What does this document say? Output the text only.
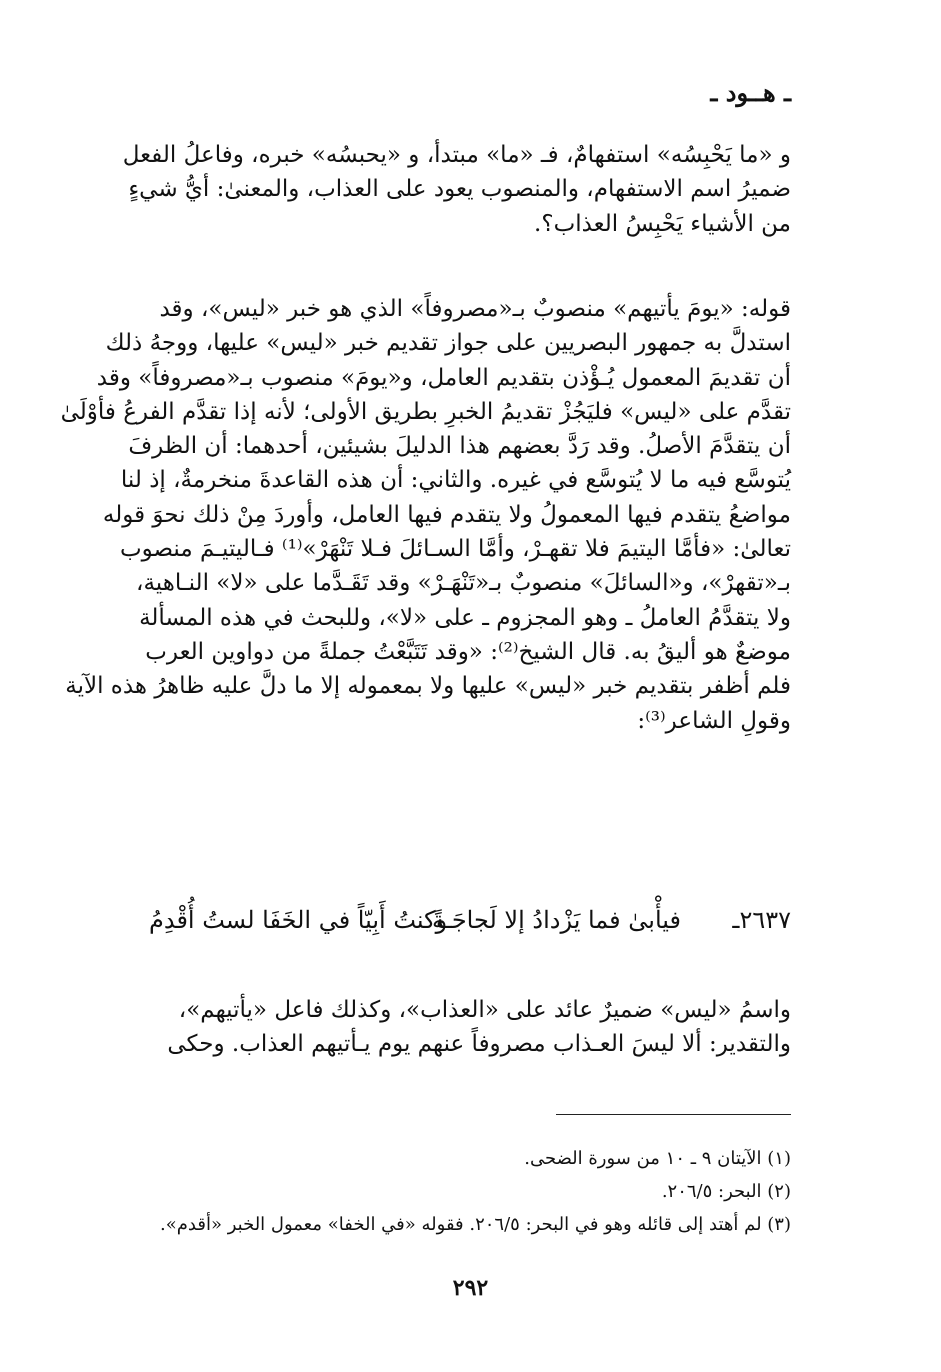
ـ هــود ـ
و «ما يَحْبِسُه» استفهامٌ، فـ «ما» مبتدأ، و «يحبسُه» خبره، وفاعلُ الفعل
ضميرُ اسم الاستفهام، والمنصوب يعود على العذاب، والمعنىٰ: أيُّ شيءٍ
من الأشياء يَحْبِسُ العذاب؟.
قوله: «يومَ يأتيهم» منصوبٌ بـ«مصروفاً» الذي هو خبر «ليس»، وقد
استدلَّ به جمهور البصريين على جواز تقديم خبر «ليس» عليها، ووجهُ ذلك
أن تقديمَ المعمول يُـؤْذن بتقديم العامل، و«يومَ» منصوب بـ«مصروفاً» وقد
تقدَّم على «ليس» فليَجُزْ تقديمُ الخبرِ بطريق الأولى؛ لأنه إذا تقدَّم الفرعُ فأوْلَىٰ
أن يتقدَّمَ الأصلُ. وقد رَدَّ بعضهم هذا الدليلَ بشيئين، أحدهما: أن الظرفَ
يُتوسَّع فيه ما لا يُتوسَّع في غيره. والثاني: أن هذه القاعدةَ منخرمةٌ، إذ لنا
مواضعُ يتقدم فيها المعمولُ ولا يتقدم فيها العامل، وأوردَ مِنْ ذلك نحوَ قوله
تعالىٰ: «فأمَّا اليتيمَ فلا تقهـرْ، وأمَّا السـائلَ فـلا تَنْهَرْ»⁽¹⁾ فـاليتيـمَ منصوب
بـ«تقهرْ»، و«السائلَ» منصوبٌ بـ«تَنْهَـرْ» وقد تَقَـدَّما على «لا» النـاهية،
ولا يتقدَّمُ العاملُ ـ وهو المجزوم ـ على «لا»، وللبحث في هذه المسألة
موضعٌ هو أليقُ به. قال الشيخ⁽²⁾: «وقد تَتَبَّعْتُ جملةً من دواوين العرب
فلم أظفر بتقديم خبر «ليس» عليها ولا بمعموله إلا ما دلَّ عليه ظاهرُ هذه الآية
وقولِ الشاعر⁽³⁾:
٢٦٣٧ـ
فيأْبىٰ فما يَزْدادُ إلا لَجاجَـةً
وكنتُ أَبِيّاً في الخَفَا لستُ أُقْدِمُ
واسمُ «ليس» ضميرٌ عائد على «العذاب»، وكذلك فاعل «يأتيهم»،
والتقدير: ألا ليسَ العـذاب مصروفاً عنهم يوم يـأتيهم العذاب. وحكى
(١) الآيتان ٩ ـ ١٠ من سورة الضحى.
(٢) البحر: ٢٠٦/٥.
(٣) لم أهتد إلى قائله وهو في البحر: ٢٠٦/٥. فقوله «في الخفا» معمول الخبر «أقدم».
٢٩٢
